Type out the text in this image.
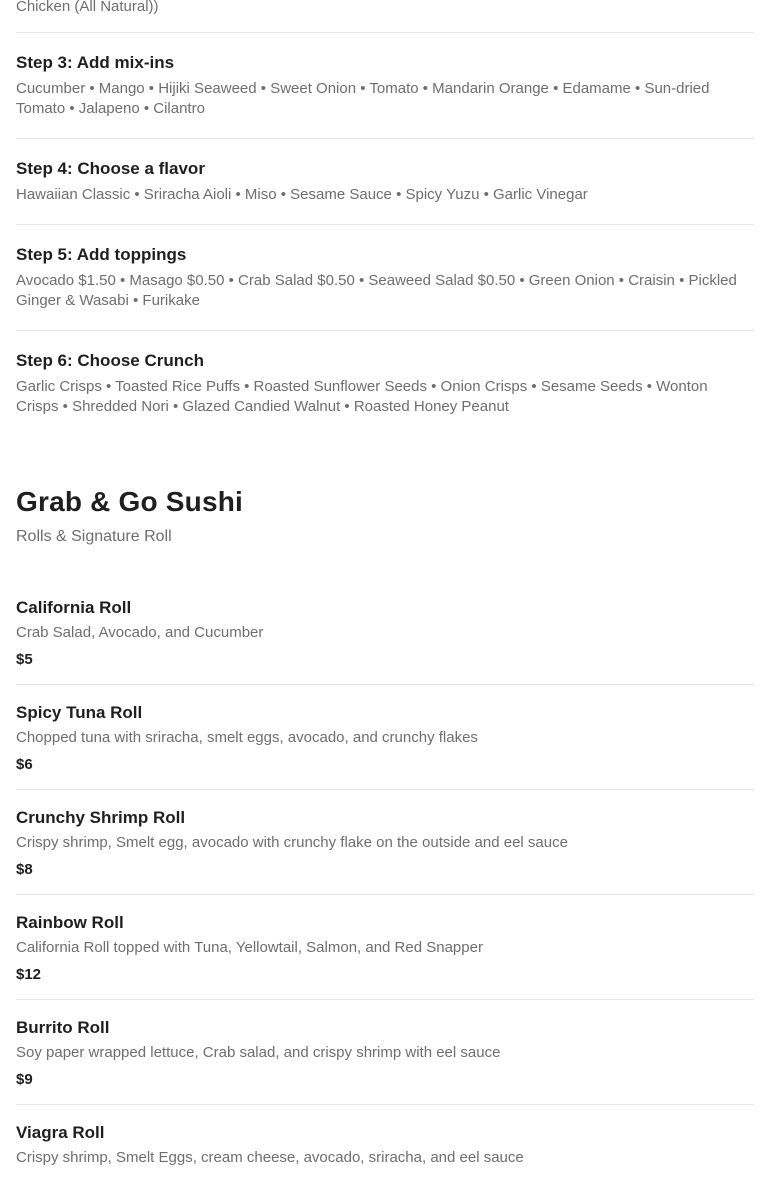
Chicken (All Natural))

Step 3: Add mix-ins

Cucumber • Mango • Hijiki Seaweed • Sweet Onion • Tomato • Mandarin Orange • Edamame • Sun-dried Tomato • Jalapeno • Cilantro

Step 4: Choose a flavor

Hawaiian Classic • Sriracha Aioli • Miso • Sesame Sauce • Spicy Yuzu • Garlic Vinegar

Step 5: Add toppings

Avocado $1.50 • Masago $0.50 • Crab Salad $0.50 • Seaweed Salad $0.50 • Green Onion • Craisin • Pickled Ginger & Wasabi • Furikake

Step 6: Choose Crunch

Garlic Crisps • Toasted Rice Puffs • Roasted Sunflower Seeds • Onion Crisps • Sesame Seeds • Wonton Crisps • Shredded Nori • Glazed Candied Walnut • Roasted Honey Peanut

Grab & Go Sushi

Rolls & Signature Roll

California Roll

Crab Salad, Avocado, and Cucumber

$5

Spicy Tuna Roll

Chopped tuna with sriracha, smelt eggs, avocado, and crunchy flakes

$6

Crunchy Shrimp Roll

Crispy shrimp, Smelt egg, avocado with crunchy flake on the outside and eel sauce

$8

Rainbow Roll

California Roll topped with Tuna, Yellowtail, Salmon, and Red Snapper

$12

Burrito Roll

Soy paper wrapped lettuce, Crab salad, and crispy shrimp with eel sauce

$9

Viagra Roll

Crispy shrimp, Smelt Eggs, cream cheese, avocado, sriracha, and eel sauce
